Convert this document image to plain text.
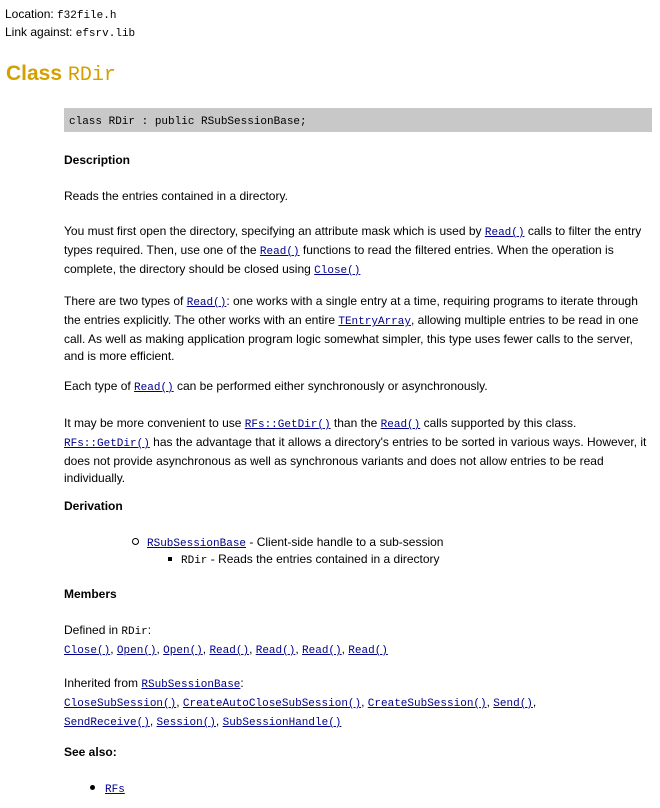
Location: f32file.h
Link against: efsrv.lib
Class RDir
class RDir : public RSubSessionBase;
Description

Reads the entries contained in a directory.

You must first open the directory, specifying an attribute mask which is used by Read() calls to filter the entry types required. Then, use one of the Read() functions to read the filtered entries. When the operation is complete, the directory should be closed using Close()

There are two types of Read(): one works with a single entry at a time, requiring programs to iterate through the entries explicitly. The other works with an entire TEntryArray, allowing multiple entries to be read in one call. As well as making application program logic somewhat simpler, this type uses fewer calls to the server, and is more efficient.

Each type of Read() can be performed either synchronously or asynchronously.

It may be more convenient to use RFs::GetDir() than the Read() calls supported by this class. RFs::GetDir() has the advantage that it allows a directory's entries to be sorted in various ways. However, it does not provide asynchronous as well as synchronous variants and does not allow entries to be read individually.

Derivation
RSubSessionBase - Client-side handle to a sub-session
RDir - Reads the entries contained in a directory
Members

Defined in RDir:

Close(), Open(), Open(), Read(), Read(), Read(), Read()

Inherited from RSubSessionBase:

CloseSubSession(), CreateAutoCloseSubSession(), CreateSubSession(), Send(),

SendReceive(), Session(), SubSessionHandle()

See also:

RFs
